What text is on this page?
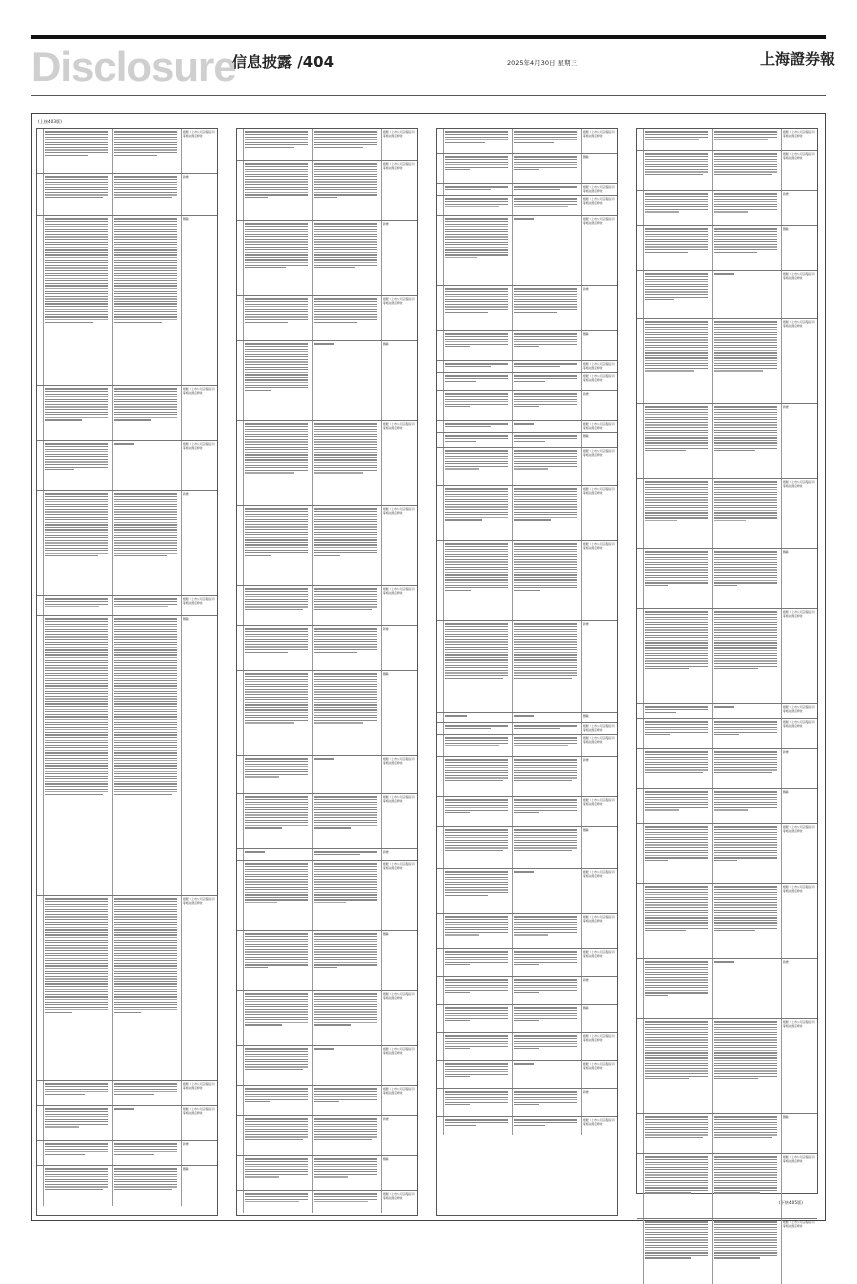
Disclosure
信息披露 /404	2025年4月30日 星期三	上海證券報
(上接403版)
(下转405版)
根据《上市公司章程指引》等相关规定修改
新增
删除
根据《上市公司章程指引》等相关规定修改
根据《上市公司章程指引》等相关规定修改
新增
根据《上市公司章程指引》等相关规定修改
删除
根据《上市公司章程指引》等相关规定修改
根据《上市公司章程指引》等相关规定修改
根据《上市公司章程指引》等相关规定修改
新增
删除
根据《上市公司章程指引》等相关规定修改
根据《上市公司章程指引》等相关规定修改
新增
根据《上市公司章程指引》等相关规定修改
删除
根据《上市公司章程指引》等相关规定修改
根据《上市公司章程指引》等相关规定修改
根据《上市公司章程指引》等相关规定修改
新增
删除
根据《上市公司章程指引》等相关规定修改
根据《上市公司章程指引》等相关规定修改
新增
根据《上市公司章程指引》等相关规定修改
删除
根据《上市公司章程指引》等相关规定修改
根据《上市公司章程指引》等相关规定修改
根据《上市公司章程指引》等相关规定修改
新增
删除
根据《上市公司章程指引》等相关规定修改
根据《上市公司章程指引》等相关规定修改
删除
根据《上市公司章程指引》等相关规定修改
根据《上市公司章程指引》等相关规定修改
根据《上市公司章程指引》等相关规定修改
新增
删除
根据《上市公司章程指引》等相关规定修改
根据《上市公司章程指引》等相关规定修改
新增
根据《上市公司章程指引》等相关规定修改
删除
根据《上市公司章程指引》等相关规定修改
根据《上市公司章程指引》等相关规定修改
根据《上市公司章程指引》等相关规定修改
新增
删除
根据《上市公司章程指引》等相关规定修改
根据《上市公司章程指引》等相关规定修改
新增
根据《上市公司章程指引》等相关规定修改
删除
根据《上市公司章程指引》等相关规定修改
根据《上市公司章程指引》等相关规定修改
根据《上市公司章程指引》等相关规定修改
新增
删除
根据《上市公司章程指引》等相关规定修改
根据《上市公司章程指引》等相关规定修改
新增
根据《上市公司章程指引》等相关规定修改
根据《上市公司章程指引》等相关规定修改
根据《上市公司章程指引》等相关规定修改
新增
删除
根据《上市公司章程指引》等相关规定修改
根据《上市公司章程指引》等相关规定修改
新增
根据《上市公司章程指引》等相关规定修改
删除
根据《上市公司章程指引》等相关规定修改
根据《上市公司章程指引》等相关规定修改
根据《上市公司章程指引》等相关规定修改
新增
删除
根据《上市公司章程指引》等相关规定修改
根据《上市公司章程指引》等相关规定修改
新增
根据《上市公司章程指引》等相关规定修改
删除
根据《上市公司章程指引》等相关规定修改
根据《上市公司章程指引》等相关规定修改
